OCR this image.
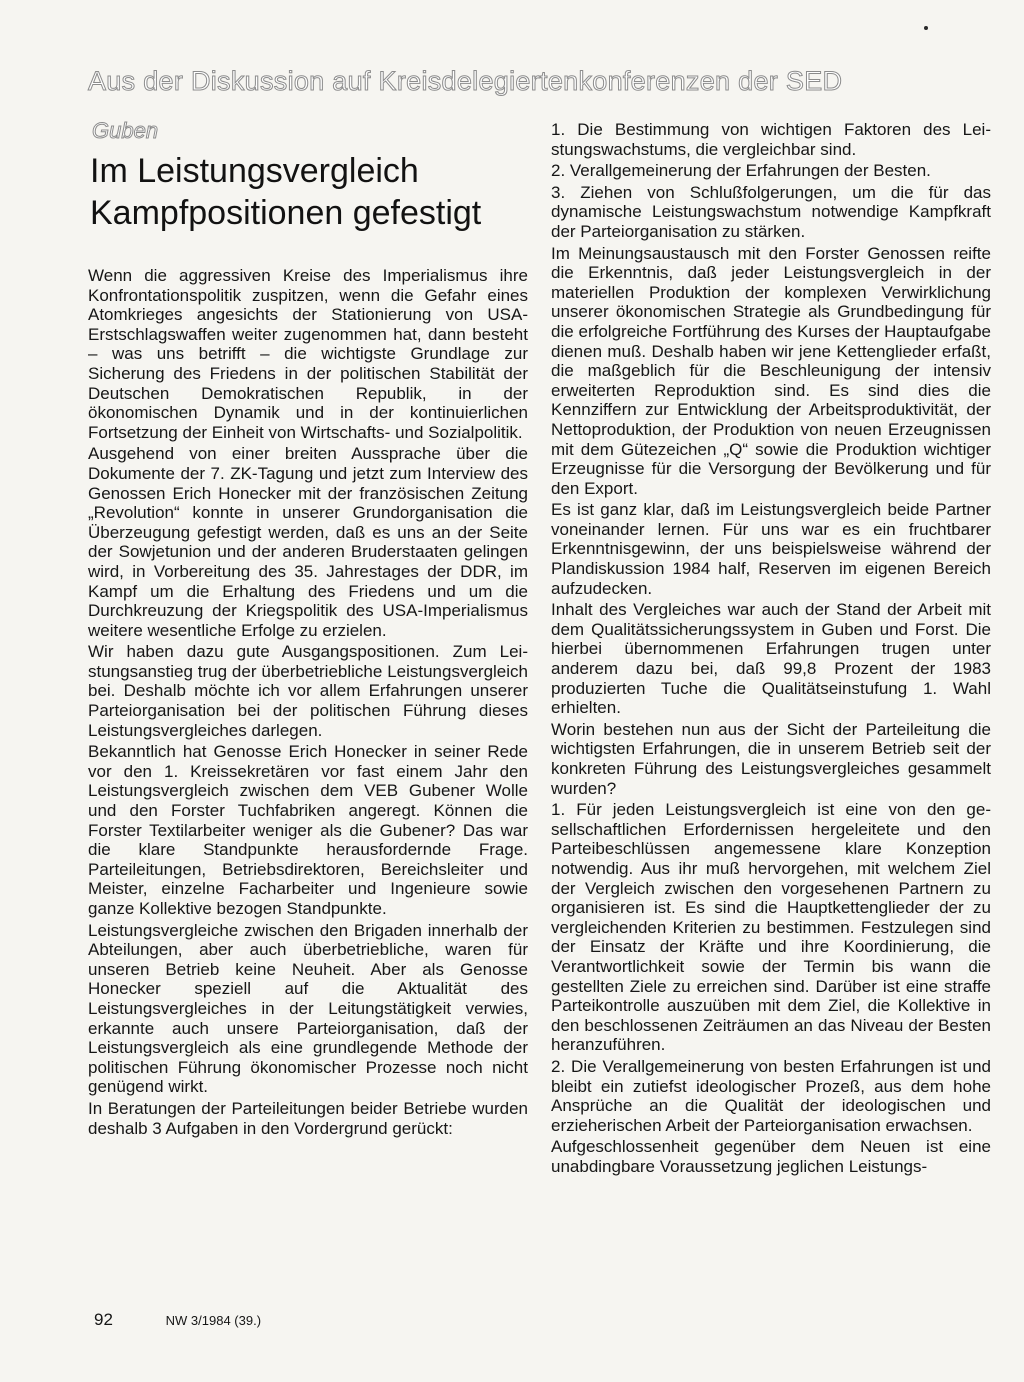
Aus der Diskussion auf Kreisdelegiertenkonferenzen der SED
Guben
Im Leistungsvergleich
Kampfpositionen gefestigt

Wenn die aggressiven Kreise des Imperialismus ihre Konfrontationspolitik zuspitzen, wenn die Gefahr eines Atomkrieges angesichts der Stationierung von USA-Erstschlagswaffen weiter zugenommen hat, dann besteht – was uns betrifft – die wichtigste Grundlage zur Sicherung des Friedens in der politischen Stabilität der Deutschen Demokratischen Republik, in der ökonomischen Dynamik und in der kontinuierlichen Fortsetzung der Einheit von Wirtschafts- und Sozialpolitik.

Ausgehend von einer breiten Aussprache über die Dokumente der 7. ZK-Tagung und jetzt zum Interview des Genossen Erich Honecker mit der französischen Zeitung „Revolution“ konnte in unserer Grundorganisation die Überzeugung gefestigt werden, daß es uns an der Seite der Sowjetunion und der anderen Bruderstaaten gelingen wird, in Vorbereitung des 35. Jahrestages der DDR, im Kampf um die Erhaltung des Friedens und um die Durchkreuzung der Kriegspolitik des USA-Imperialismus weitere wesentliche Erfolge zu erzielen.

Wir haben dazu gute Ausgangspositionen. Zum Leistungsanstieg trug der überbetriebliche Leistungsvergleich bei. Deshalb möchte ich vor allem Erfahrungen unserer Parteiorganisation bei der politischen Führung dieses Leistungsvergleiches darlegen.

Bekanntlich hat Genosse Erich Honecker in seiner Rede vor den 1. Kreissekretären vor fast einem Jahr den Leistungsvergleich zwischen dem VEB Gubener Wolle und den Forster Tuchfabriken angeregt. Können die Forster Textilarbeiter weniger als die Gubener? Das war die klare Standpunkte herausfordernde Frage. Parteileitungen, Betriebsdirektoren, Bereichsleiter und Meister, einzelne Facharbeiter und Ingenieure sowie ganze Kollektive bezogen Standpunkte.

Leistungsvergleiche zwischen den Brigaden innerhalb der Abteilungen, aber auch überbetriebliche, waren für unseren Betrieb keine Neuheit. Aber als Genosse Honecker speziell auf die Aktualität des Leistungsvergleiches in der Leitungstätigkeit verwies, erkannte auch unsere Parteiorganisation, daß der Leistungsvergleich als eine grundlegende Methode der politischen Führung ökonomischer Prozesse noch nicht genügend wirkt.

In Beratungen der Parteileitungen beider Betriebe wurden deshalb 3 Aufgaben in den Vordergrund gerückt:

1. Die Bestimmung von wichtigen Faktoren des Leistungswachstums, die vergleichbar sind.

2. Verallgemeinerung der Erfahrungen der Besten.

3. Ziehen von Schlußfolgerungen, um die für das dynamische Leistungswachstum notwendige Kampfkraft der Parteiorganisation zu stärken.

Im Meinungsaustausch mit den Forster Genossen reifte die Erkenntnis, daß jeder Leistungsvergleich in der materiellen Produktion der komplexen Verwirklichung unserer ökonomischen Strategie als Grundbedingung für die erfolgreiche Fortführung des Kurses der Hauptaufgabe dienen muß. Deshalb haben wir jene Kettenglieder erfaßt, die maßgeblich für die Beschleunigung der intensiv erweiterten Reproduktion sind. Es sind dies die Kennziffern zur Entwicklung der Arbeitsproduktivität, der Nettoproduktion, der Produktion von neuen Erzeugnissen mit dem Gütezeichen „Q“ sowie die Produktion wichtiger Erzeugnisse für die Versorgung der Bevölkerung und für den Export.

Es ist ganz klar, daß im Leistungsvergleich beide Partner voneinander lernen. Für uns war es ein fruchtbarer Erkenntnisgewinn, der uns beispielsweise während der Plandiskussion 1984 half, Reserven im eigenen Bereich aufzudecken.

Inhalt des Vergleiches war auch der Stand der Arbeit mit dem Qualitätssicherungssystem in Guben und Forst. Die hierbei übernommenen Erfahrungen trugen unter anderem dazu bei, daß 99,8 Prozent der 1983 produzierten Tuche die Qualitätseinstufung 1. Wahl erhielten.

Worin bestehen nun aus der Sicht der Parteileitung die wichtigsten Erfahrungen, die in unserem Betrieb seit der konkreten Führung des Leistungsvergleiches gesammelt wurden?

1. Für jeden Leistungsvergleich ist eine von den gesellschaftlichen Erfordernissen hergeleitete und den Parteibeschlüssen angemessene klare Konzeption notwendig. Aus ihr muß hervorgehen, mit welchem Ziel der Vergleich zwischen den vorgesehenen Partnern zu organisieren ist. Es sind die Hauptkettenglieder der zu vergleichenden Kriterien zu bestimmen. Festzulegen sind der Einsatz der Kräfte und ihre Koordinierung, die Verantwortlichkeit sowie der Termin bis wann die gestellten Ziele zu erreichen sind. Darüber ist eine straffe Parteikontrolle auszuüben mit dem Ziel, die Kollektive in den beschlossenen Zeiträumen an das Niveau der Besten heranzuführen.

2. Die Verallgemeinerung von besten Erfahrungen ist und bleibt ein zutiefst ideologischer Prozeß, aus dem hohe Ansprüche an die Qualität der ideologischen und erzieherischen Arbeit der Parteiorganisation erwachsen.

Aufgeschlossenheit gegenüber dem Neuen ist eine unabdingbare Voraussetzung jeglichen Leistungs-

92	NW 3/1984 (39.)
